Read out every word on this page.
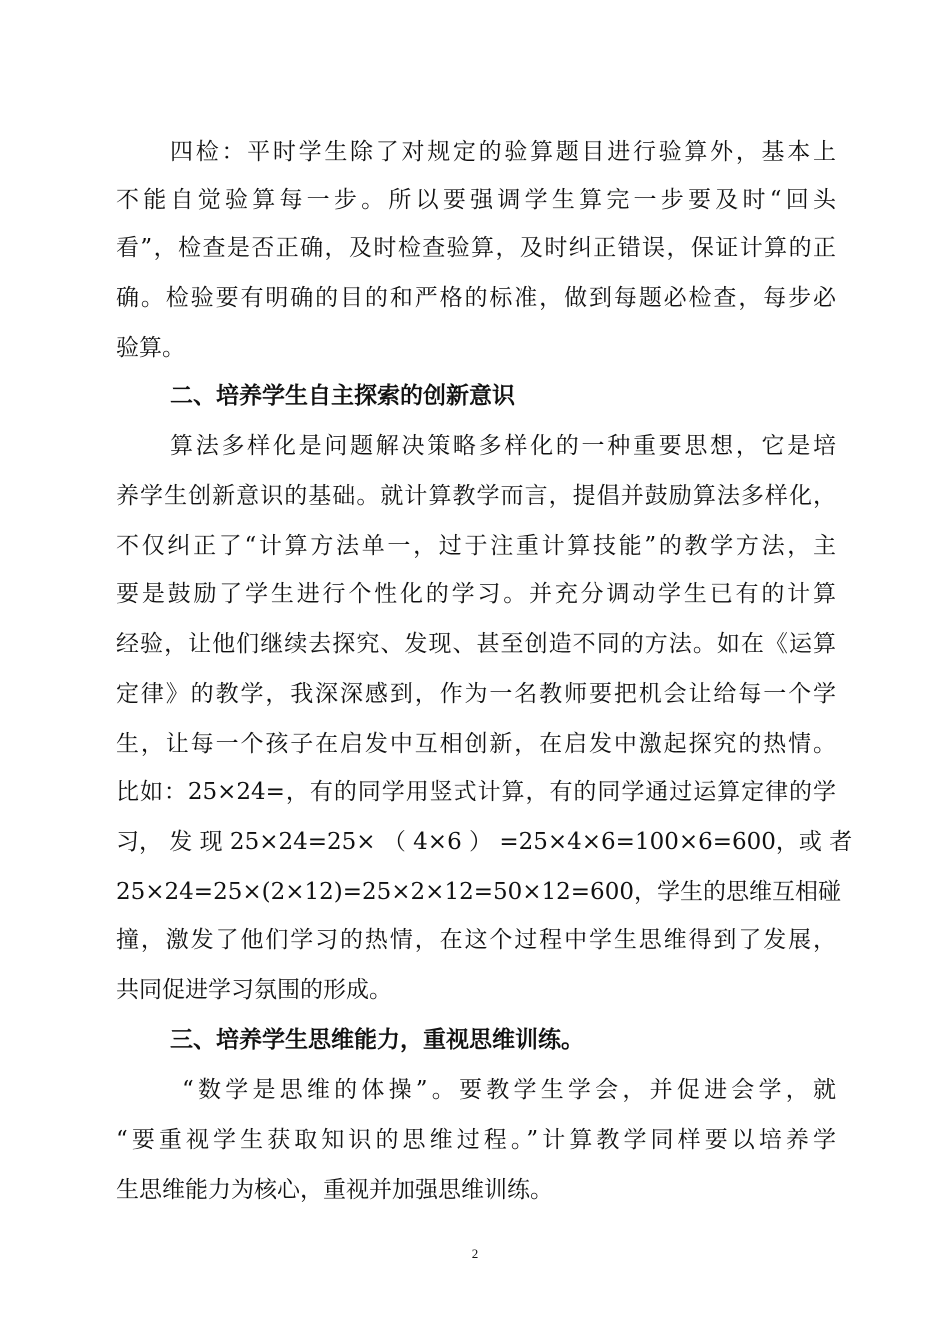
四检：平时学生除了对规定的验算题目进行验算外，基本上
不能自觉验算每一步。所以要强调学生算完一步要及时“回头
看”，检查是否正确，及时检查验算，及时纠正错误，保证计算的正
确。检验要有明确的目的和严格的标准，做到每题必检查，每步必
验算。
二、培养学生自主探索的创新意识
算法多样化是问题解决策略多样化的一种重要思想，它是培
养学生创新意识的基础。就计算教学而言，提倡并鼓励算法多样化，
不仅纠正了“计算方法单一，过于注重计算技能”的教学方法，主
要是鼓励了学生进行个性化的学习。并充分调动学生已有的计算
经验，让他们继续去探究、发现、甚至创造不同的方法。如在《运算
定律》的教学，我深深感到，作为一名教师要把机会让给每一个学
生，让每一个孩子在启发中互相创新，在启发中激起探究的热情。
比如：25×24=，有的同学用竖式计算，有的同学通过运算定律的学
习， 发 现 25×24=25× （ 4×6 ） =25×4×6=100×6=600，或 者
25×24=25×(2×12)=25×2×12=50×12=600，学生的思维互相碰
撞，激发了他们学习的热情，在这个过程中学生思维得到了发展，
共同促进学习氛围的形成。
三、培养学生思维能力，重视思维训练。
“数学是思维的体操”。要教学生学会，并促进会学，就
“要重视学生获取知识的思维过程。”计算教学同样要以培养学
生思维能力为核心，重视并加强思维训练。
2
